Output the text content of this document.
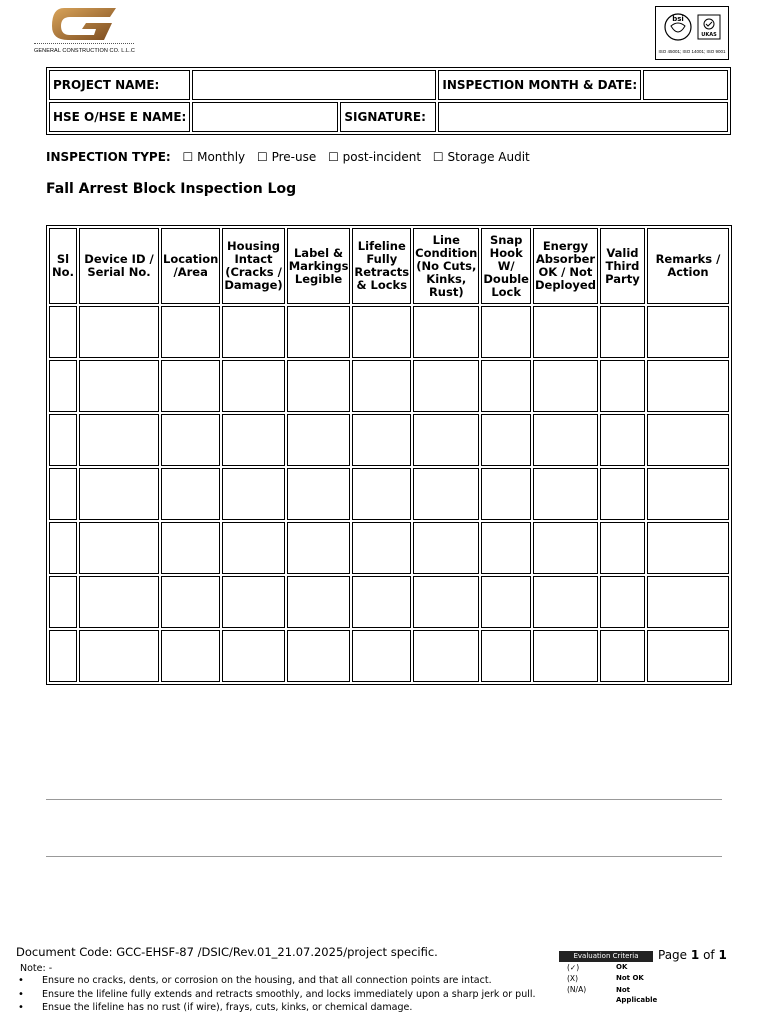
GENERAL CONSTRUCTION CO. L.L.C
bsi
UKAS
ISO 45001; ISO 14001; ISO 9001
PROJECT NAME:			INSPECTION MONTH & DATE:	
HSE O/HSE E NAME:		SIGNATURE:		
INSPECTION TYPE: ☐ Monthly ☐ Pre-use ☐ post-incident ☐ Storage Audit
Fall Arrest Block Inspection Log
Sl No.	Device ID / Serial No.	Location /Area	Housing Intact (Cracks / Damage)	Label & Markings Legible	Lifeline Fully Retracts & Locks	Line Condition (No Cuts, Kinks, Rust)	Snap Hook W/ Double Lock	Energy Absorber OK / Not Deployed	Valid Third Party	Remarks / Action

Document Code: GCC-EHSF-87 /DSIC/Rev.01_21.07.2025/project specific.
Note: -
• Ensure no cracks, dents, or corrosion on the housing, and that all connection points are intact.
• Ensure the lifeline fully extends and retracts smoothly, and locks immediately upon a sharp jerk or pull.
• Ensue the lifeline has no rust (if wire), frays, cuts, kinks, or chemical damage.
Evaluation Criteria
(✓)	OK
(X)	Not OK
(N/A)	Not Applicable
Page 1 of 1
